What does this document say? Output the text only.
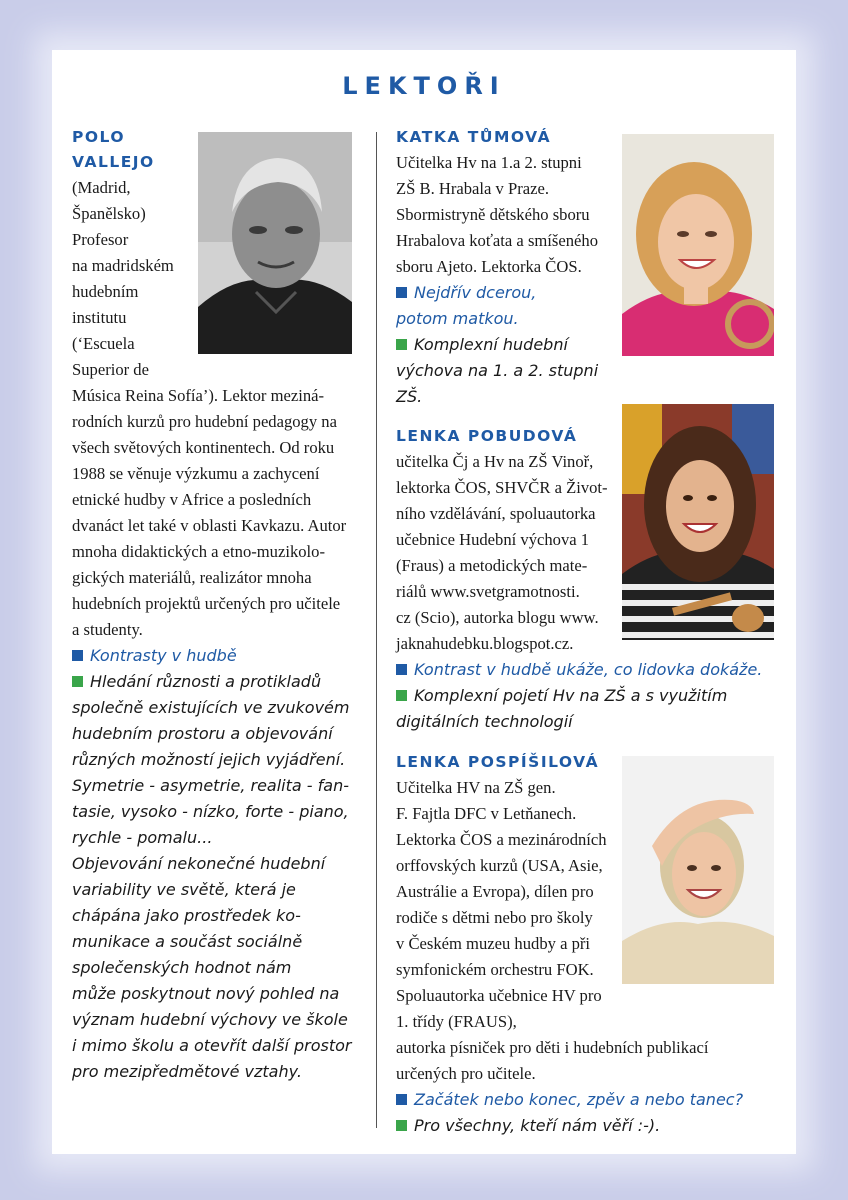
LEKTOŘI
POLO
VALLEJO
(Madrid,
Španělsko)
Profesor
na madridském
hudebním
institutu
(‘Escuela
Superior de
Música Reina Sofía’). Lektor meziná-
rodních kurzů pro hudební pedagogy na
všech světových kontinentech. Od roku
1988 se věnuje výzkumu a zachycení
etnické hudby v Africe a posledních
dvanáct let také v oblasti Kavkazu. Autor
mnoha didaktických a etno-muzikolo-
gických materiálů, realizátor mnoha
hudebních projektů určených pro učitele
a studenty.
Kontrasty v hudbě
Hledání různosti a protikladů
společně existujících ve zvukovém
hudebním prostoru a objevování
různých možností jejich vyjádření.
Symetrie - asymetrie, realita - fan-
tasie, vysoko - nízko, forte - piano,
rychle - pomalu...
Objevování nekonečné hudební
variability ve světě, která je
chápána jako prostředek ko-
munikace a součást sociálně
společenských hodnot nám
může poskytnout nový pohled na
význam hudební výchovy ve škole
i mimo školu a otevřít další prostor
pro mezipředmětové vztahy.
KATKA TŮMOVÁ
Učitelka Hv na 1.a 2. stupni
ZŠ B. Hrabala v Praze.
Sbormistryně dětského sboru
Hrabalova koťata a smíšeného
sboru Ajeto. Lektorka ČOS.
Nejdřív dcerou,
potom matkou.
Komplexní hudební
výchova na 1. a 2. stupni
ZŠ.
LENKA POBUDOVÁ
učitelka Čj a Hv na ZŠ Vinoř,
lektorka ČOS, SHVČR a Život-
ního vzdělávání, spoluautorka
učebnice Hudební výchova 1
(Fraus) a metodických mate-
riálů www.svetgramotnosti.
cz (Scio), autorka blogu www.
jaknahudebku.blogspot.cz.
Kontrast v hudbě ukáže, co lidovka dokáže.
Komplexní pojetí Hv na ZŠ a s využitím
digitálních technologií
LENKA POSPÍŠILOVÁ
Učitelka HV na ZŠ gen.
F. Fajtla DFC v Letňanech.
Lektorka ČOS a mezinárodních
orffovských kurzů (USA, Asie,
Austrálie a Evropa), dílen pro
rodiče s dětmi nebo pro školy
v Českém muzeu hudby a při
symfonickém orchestru FOK.
Spoluautorka učebnice HV pro
1. třídy (FRAUS),
autorka písniček pro děti i hudebních publikací
určených pro učitele.
Začátek nebo konec, zpěv a nebo tanec?
Pro všechny, kteří nám věří :-).
